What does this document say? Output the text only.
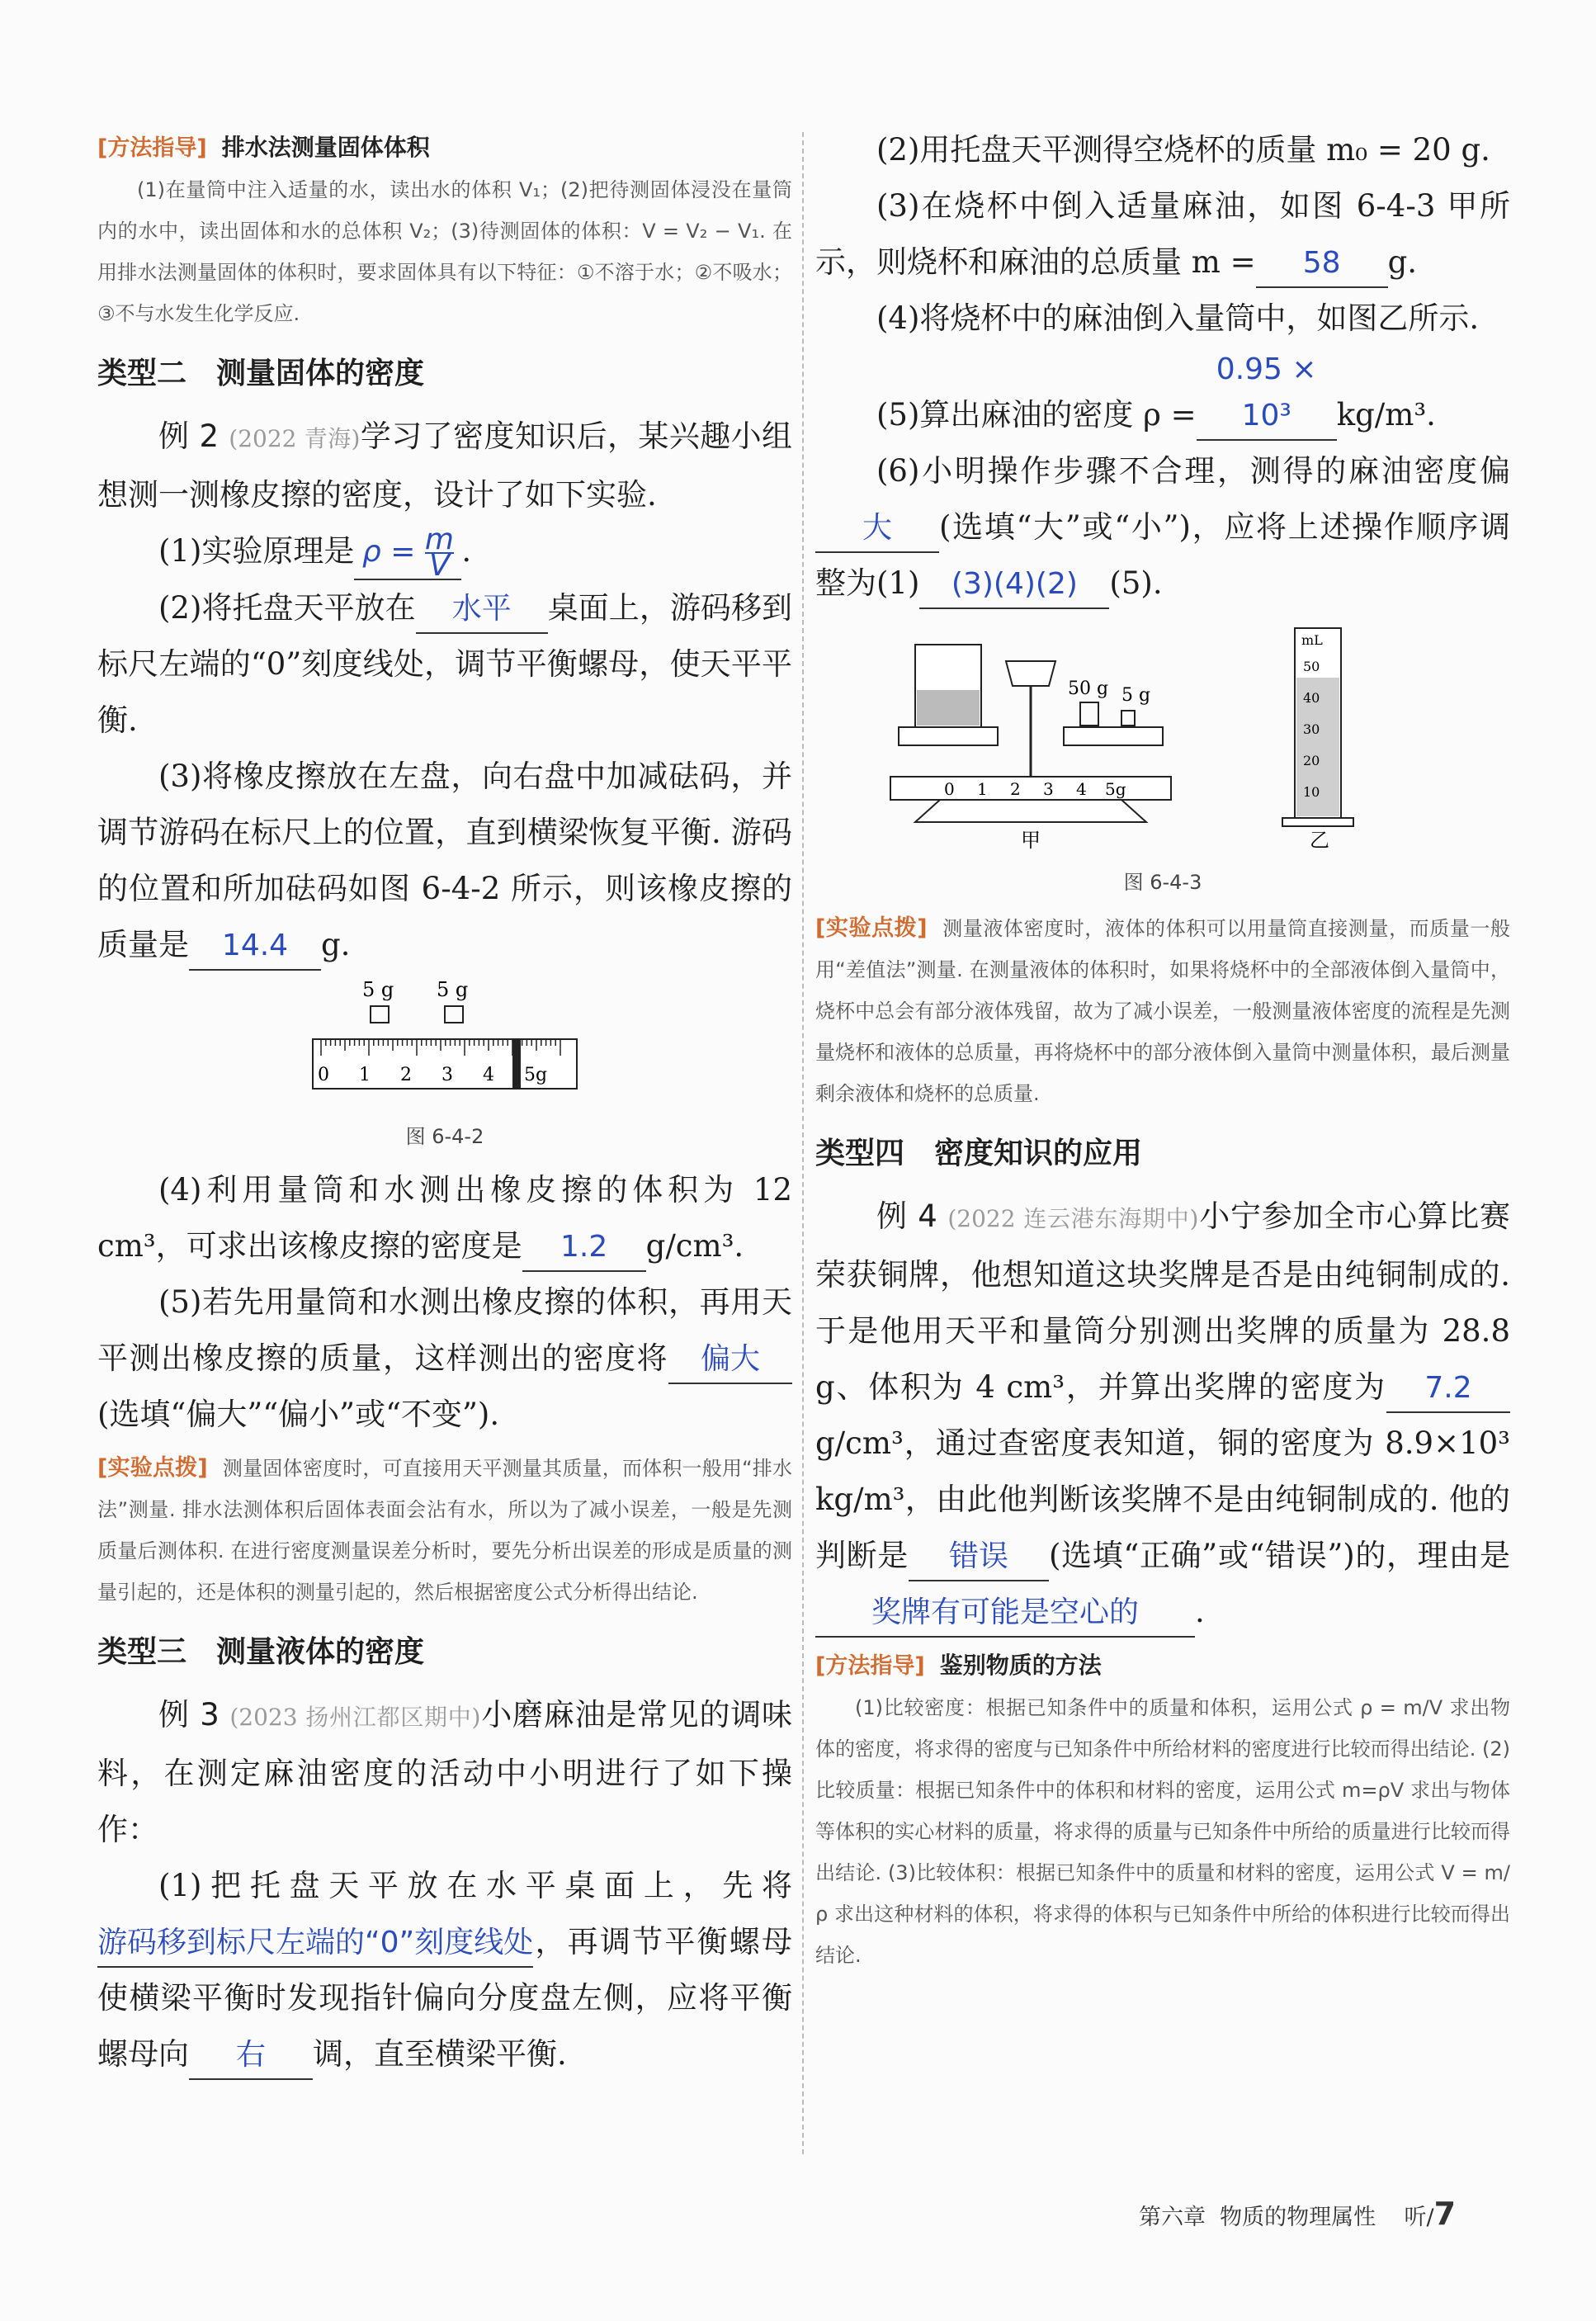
[方法指导] 排水法测量固体体积
(1)在量筒中注入适量的水，读出水的体积 V₁；(2)把待测固体浸没在量筒内的水中，读出固体和水的总体积 V₂；(3)待测固体的体积：V = V₂ − V₁. 在用排水法测量固体的体积时，要求固体具有以下特征：①不溶于水；②不吸水；③不与水发生化学反应.
类型二 测量固体的密度

例 2 (2022 青海)学习了密度知识后，某兴趣小组想测一测橡皮擦的密度，设计了如下实验.

(1)实验原理是 $\rho = \frac{m}{V}$ .

(2)将托盘天平放在 水平 桌面上，游码移到标尺左端的“0”刻度线处，调节平衡螺母，使天平平衡.

(3)将橡皮擦放在左盘，向右盘中加减砝码，并调节游码在标尺上的位置，直到横梁恢复平衡. 游码的位置和所加砝码如图 6-4-2 所示，则该橡皮擦的质量是 14.4 g.

5 g 5 g
0 1 2 3 4 5g
图 6-4-2

(4)利用量筒和水测出橡皮擦的体积为 12 cm³，可求出该橡皮擦的密度是 1.2 g/cm³.

(5)若先用量筒和水测出橡皮擦的体积，再用天平测出橡皮擦的质量，这样测出的密度将 偏大(选填“偏大”“偏小”或“不变”).

[实验点拨] 测量固体密度时，可直接用天平测量其质量，而体积一般用“排水法”测量. 排水法测体积后固体表面会沾有水，所以为了减小误差，一般是先测质量后测体积. 在进行密度测量误差分析时，要先分析出误差的形成是质量的测量引起的，还是体积的测量引起的，然后根据密度公式分析得出结论.
类型三 测量液体的密度

例 3 (2023 扬州江都区期中)小磨麻油是常见的调味料，在测定麻油密度的活动中小明进行了如下操作：

(1)把托盘天平放在水平桌面上，先将游码移到标尺左端的“0”刻度线处，再调节平衡螺母使横梁平衡时发现指针偏向分度盘左侧，应将平衡螺母向 右 调，直至横梁平衡.

(2)用托盘天平测得空烧杯的质量 m₀ = 20 g.

(3)在烧杯中倒入适量麻油，如图 6-4-3 甲所示，则烧杯和麻油的总质量 m = 58 g.

(4)将烧杯中的麻油倒入量筒中，如图乙所示.

(5)算出麻油的密度 ρ =0.95 × 10³ kg/m³.

(6)小明操作步骤不合理，测得的麻油密度偏大 (选填“大”或“小”)，应将上述操作顺序调整为(1) (3)(4)(2) (5).

50 g 5 g
0 1 2 3 4 5g
甲
mL
50
40
30
20
10
乙
图 6-4-3
[实验点拨] 测量液体密度时，液体的体积可以用量筒直接测量，而质量一般用“差值法”测量. 在测量液体的体积时，如果将烧杯中的全部液体倒入量筒中，烧杯中总会有部分液体残留，故为了减小误差，一般测量液体密度的流程是先测量烧杯和液体的总质量，再将烧杯中的部分液体倒入量筒中测量体积，最后测量剩余液体和烧杯的总质量.
类型四 密度知识的应用

例 4 (2022 连云港东海期中)小宁参加全市心算比赛荣获铜牌，他想知道这块奖牌是否是由纯铜制成的. 于是他用天平和量筒分别测出奖牌的质量为 28.8 g、体积为 4 cm³，并算出奖牌的密度为 7.2g/cm³，通过查密度表知道，铜的密度为 8.9×10³ kg/m³，由此他判断该奖牌不是由纯铜制成的. 他的判断是 错误 (选填“正确”或“错误”)的，理由是奖牌有可能是空心的 .

[方法指导] 鉴别物质的方法
(1)比较密度：根据已知条件中的质量和体积，运用公式 ρ = m/V 求出物体的密度，将求得的密度与已知条件中所给材料的密度进行比较而得出结论. (2)比较质量：根据已知条件中的体积和材料的密度，运用公式 m=ρV 求出与物体等体积的实心材料的质量，将求得的质量与已知条件中所给的质量进行比较而得出结论. (3)比较体积：根据已知条件中的质量和材料的密度，运用公式 V = m/ρ 求出这种材料的体积，将求得的体积与已知条件中所给的体积进行比较而得出结论.
第六章 物质的物理属性 听/7
